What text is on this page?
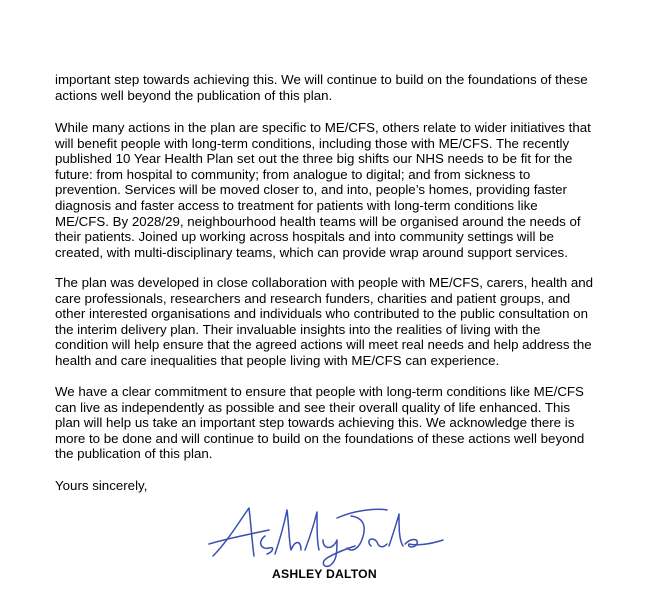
important step towards achieving this. We will continue to build on the foundations of these
actions well beyond the publication of this plan.

While many actions in the plan are specific to ME/CFS, others relate to wider initiatives that
will benefit people with long-term conditions, including those with ME/CFS. The recently
published 10 Year Health Plan set out the three big shifts our NHS needs to be fit for the
future: from hospital to community; from analogue to digital; and from sickness to
prevention. Services will be moved closer to, and into, people’s homes, providing faster
diagnosis and faster access to treatment for patients with long-term conditions like
ME/CFS. By 2028/29, neighbourhood health teams will be organised around the needs of
their patients. Joined up working across hospitals and into community settings will be
created, with multi-disciplinary teams, which can provide wrap around support services.

The plan was developed in close collaboration with people with ME/CFS, carers, health and
care professionals, researchers and research funders, charities and patient groups, and
other interested organisations and individuals who contributed to the public consultation on
the interim delivery plan. Their invaluable insights into the realities of living with the
condition will help ensure that the agreed actions will meet real needs and help address the
health and care inequalities that people living with ME/CFS can experience.

We have a clear commitment to ensure that people with long-term conditions like ME/CFS
can live as independently as possible and see their overall quality of life enhanced. This
plan will help us take an important step towards achieving this. We acknowledge there is
more to be done and will continue to build on the foundations of these actions well beyond
the publication of this plan.

Yours sincerely,

ASHLEY DALTON
